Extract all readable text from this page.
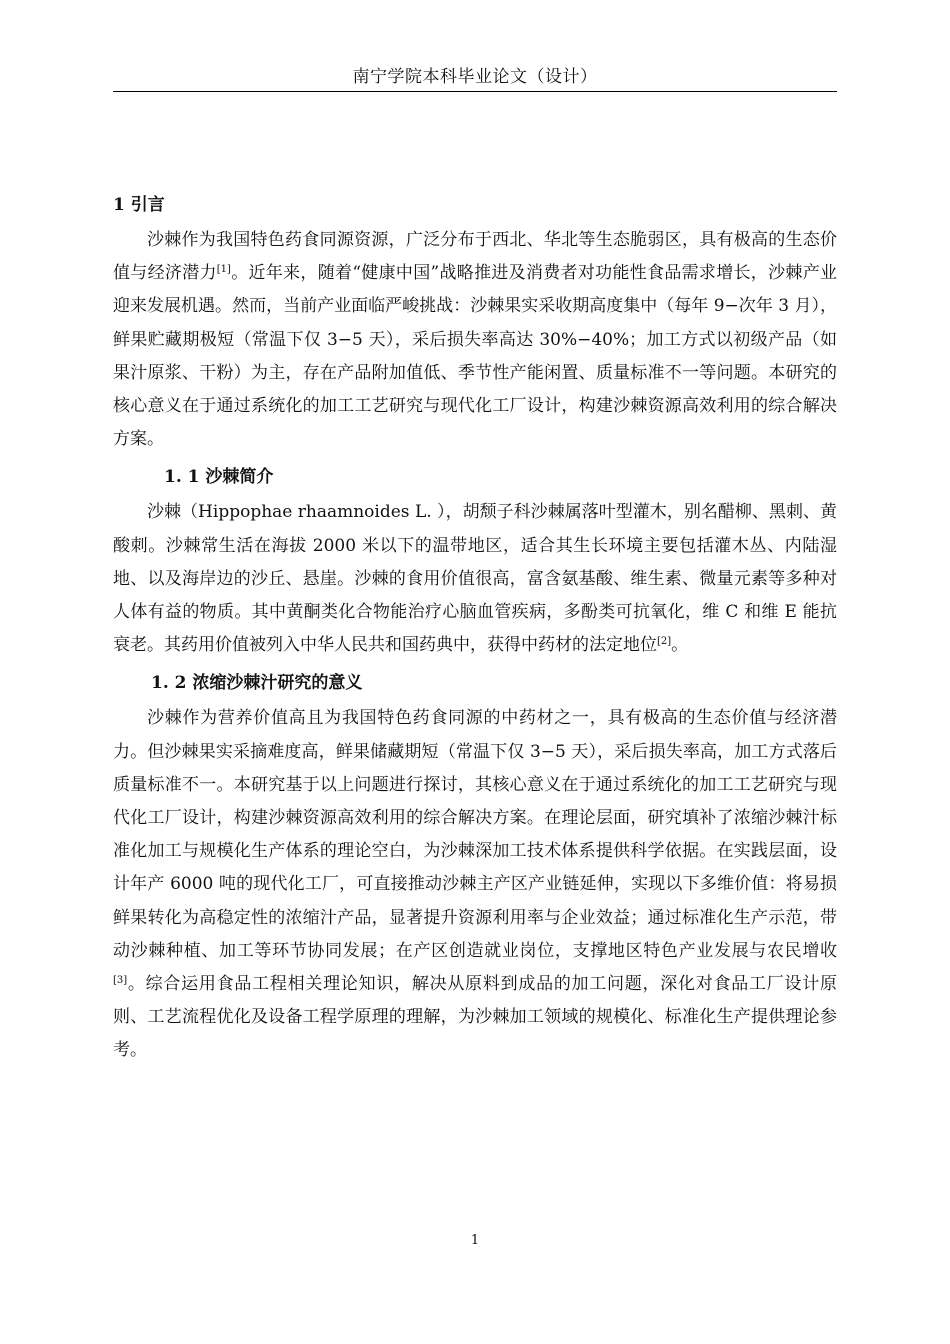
南宁学院本科毕业论文（设计）
1 引言

沙棘作为我国特色药食同源资源，广泛分布于西北、华北等生态脆弱区，具有极高的生态价值与经济潜力[1]。近年来，随着“健康中国”战略推进及消费者对功能性食品需求增长，沙棘产业迎来发展机遇。然而，当前产业面临严峻挑战：沙棘果实采收期高度集中（每年 9−次年 3 月），鲜果贮藏期极短（常温下仅 3−5 天），采后损失率高达 30%−40%；加工方式以初级产品（如果汁原浆、干粉）为主，存在产品附加值低、季节性产能闲置、质量标准不一等问题。本研究的核心意义在于通过系统化的加工工艺研究与现代化工厂设计，构建沙棘资源高效利用的综合解决方案。

1. 1 沙棘简介

沙棘（Hippophae rhaamnoides L. ），胡颓子科沙棘属落叶型灌木，别名醋柳、黑刺、黄酸刺。沙棘常生活在海拔 2000 米以下的温带地区，适合其生长环境主要包括灌木丛、内陆湿地、以及海岸边的沙丘、悬崖。沙棘的食用价值很高，富含氨基酸、维生素、微量元素等多种对人体有益的物质。其中黄酮类化合物能治疗心脑血管疾病，多酚类可抗氧化，维 C 和维 E 能抗衰老。其药用价值被列入中华人民共和国药典中，获得中药材的法定地位[2]。

1. 2 浓缩沙棘汁研究的意义

沙棘作为营养价值高且为我国特色药食同源的中药材之一，具有极高的生态价值与经济潜力。但沙棘果实采摘难度高，鲜果储藏期短（常温下仅 3−5 天），采后损失率高，加工方式落后质量标准不一。本研究基于以上问题进行探讨，其核心意义在于通过系统化的加工工艺研究与现代化工厂设计，构建沙棘资源高效利用的综合解决方案。在理论层面，研究填补了浓缩沙棘汁标准化加工与规模化生产体系的理论空白，为沙棘深加工技术体系提供科学依据。在实践层面，设计年产 6000 吨的现代化工厂，可直接推动沙棘主产区产业链延伸，实现以下多维价值：将易损鲜果转化为高稳定性的浓缩汁产品，显著提升资源利用率与企业效益；通过标准化生产示范，带动沙棘种植、加工等环节协同发展；在产区创造就业岗位，支撑地区特色产业发展与农民增收[3]。综合运用食品工程相关理论知识，解决从原料到成品的加工问题，深化对食品工厂设计原则、工艺流程优化及设备工程学原理的理解，为沙棘加工领域的规模化、标准化生产提供理论参考。

1
